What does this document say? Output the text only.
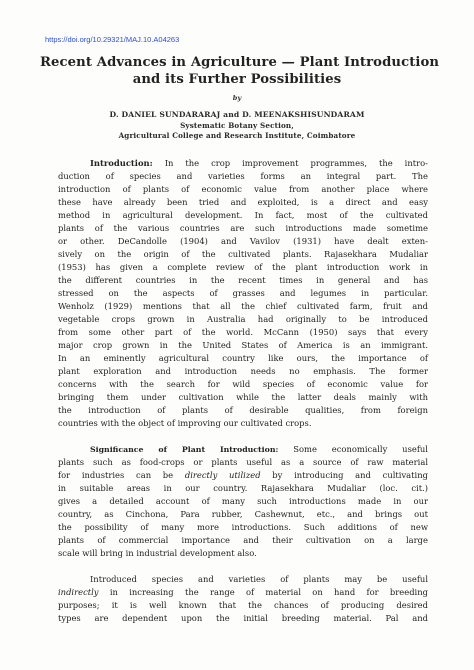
https://doi.org/10.29321/MAJ.10.A04263
Recent Advances in Agriculture — Plant Introduction
and its Further Possibilities
by
D. DANIEL SUNDARARAJ and D. MEENAKSHISUNDARAM
Systematic Botany Section,
Agricultural College and Research Institute, Coimbatore
Introduction: In the crop improvement programmes, the intro-
duction of species and varieties forms an integral part. The
introduction of plants of economic value from another place where
these have already been tried and exploited, is a direct and easy
method in agricultural development. In fact, most of the cultivated
plants of the various countries are such introductions made sometime
or other. DeCandolle (1904) and Vavilov (1931) have dealt exten-
sively on the origin of the cultivated plants. Rajasekhara Mudaliar
(1953) has given a complete review of the plant introduction work in
the different countries in the recent times in general and has
stressed on the aspects of grasses and legumes in particular.
Wenholz (1929) mentions that all the chief cultivated farm, fruit and
vegetable crops grown in Australia had originally to be introduced
from some other part of the world. McCann (1950) says that every
major crop grown in the United States of America is an immigrant.
In an eminently agricultural country like ours, the importance of
plant exploration and introduction needs no emphasis. The former
concerns with the search for wild species of economic value for
bringing them under cultivation while the latter deals mainly with
the introduction of plants of desirable qualities, from foreign
countries with the object of improving our cultivated crops.
Significance of Plant Introduction: Some economically useful
plants such as food-crops or plants useful as a source of raw material
for industries can be directly utilized by introducing and cultivating
in suitable areas in our country. Rajasekhara Mudaliar (loc. cit.)
gives a detailed account of many such introductions made in our
country, as Cinchona, Para rubber, Cashewnut, etc., and brings out
the possibility of many more introductions. Such additions of new
plants of commercial importance and their cultivation on a large
scale will bring in industrial development also.
Introduced species and varieties of plants may be useful
indirectly in increasing the range of material on hand for breeding
purposes; it is well known that the chances of producing desired
types are dependent upon the initial breeding material. Pal and
